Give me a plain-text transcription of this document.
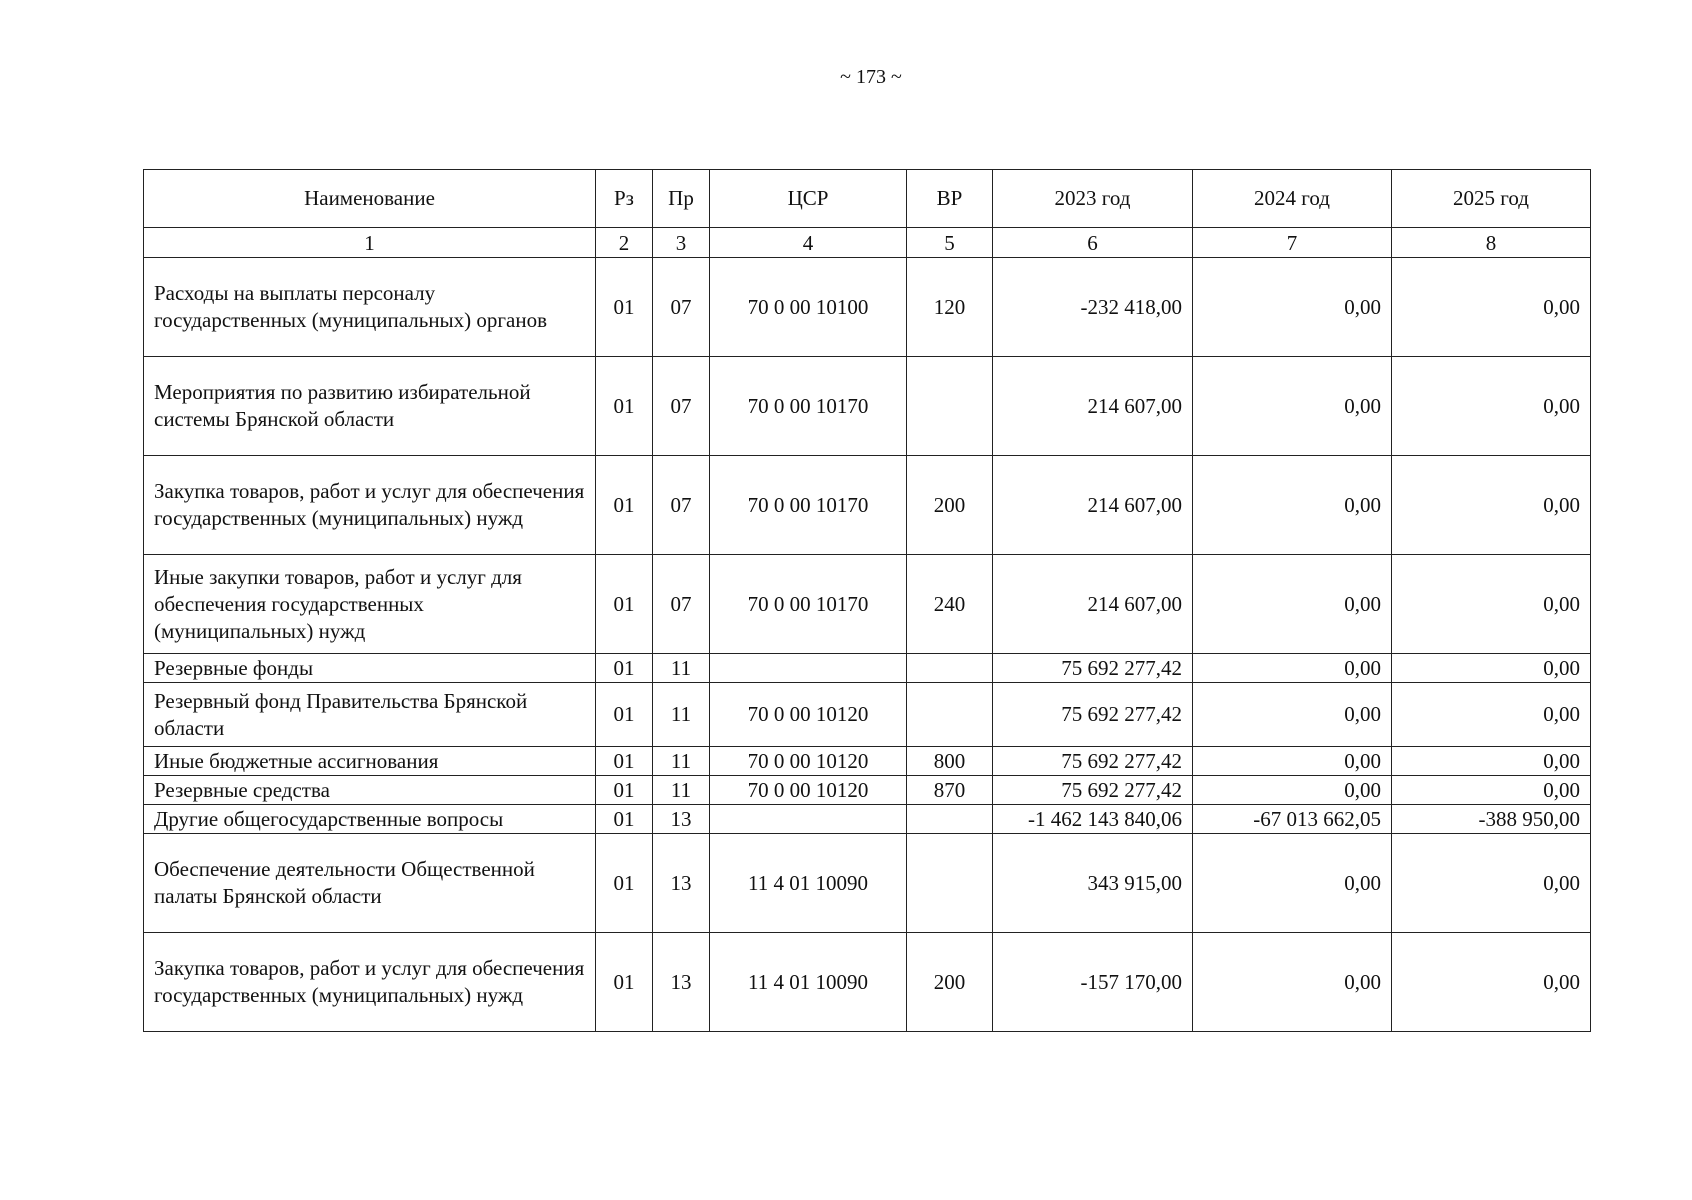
~ 173 ~
Наименование	Рз	Пр	ЦСР	ВР	2023 год	2024 год	2025 год
1	2	3	4	5	6	7	8
Расходы на выплаты персоналу государственных (муниципальных) органов	01	07	70 0 00 10100	120	-232 418,00	0,00	0,00
Мероприятия по развитию избирательной системы Брянской области	01	07	70 0 00 10170		214 607,00	0,00	0,00
Закупка товаров, работ и услуг для обеспечения государственных (муниципальных) нужд	01	07	70 0 00 10170	200	214 607,00	0,00	0,00
Иные закупки товаров, работ и услуг для обеспечения государственных (муниципальных) нужд	01	07	70 0 00 10170	240	214 607,00	0,00	0,00
Резервные фонды	01	11			75 692 277,42	0,00	0,00
Резервный фонд Правительства Брянской области	01	11	70 0 00 10120		75 692 277,42	0,00	0,00
Иные бюджетные ассигнования	01	11	70 0 00 10120	800	75 692 277,42	0,00	0,00
Резервные средства	01	11	70 0 00 10120	870	75 692 277,42	0,00	0,00
Другие общегосударственные вопросы	01	13			-1 462 143 840,06	-67 013 662,05	-388 950,00
Обеспечение деятельности Общественной палаты Брянской области	01	13	11 4 01 10090		343 915,00	0,00	0,00
Закупка товаров, работ и услуг для обеспечения государственных (муниципальных) нужд	01	13	11 4 01 10090	200	-157 170,00	0,00	0,00
